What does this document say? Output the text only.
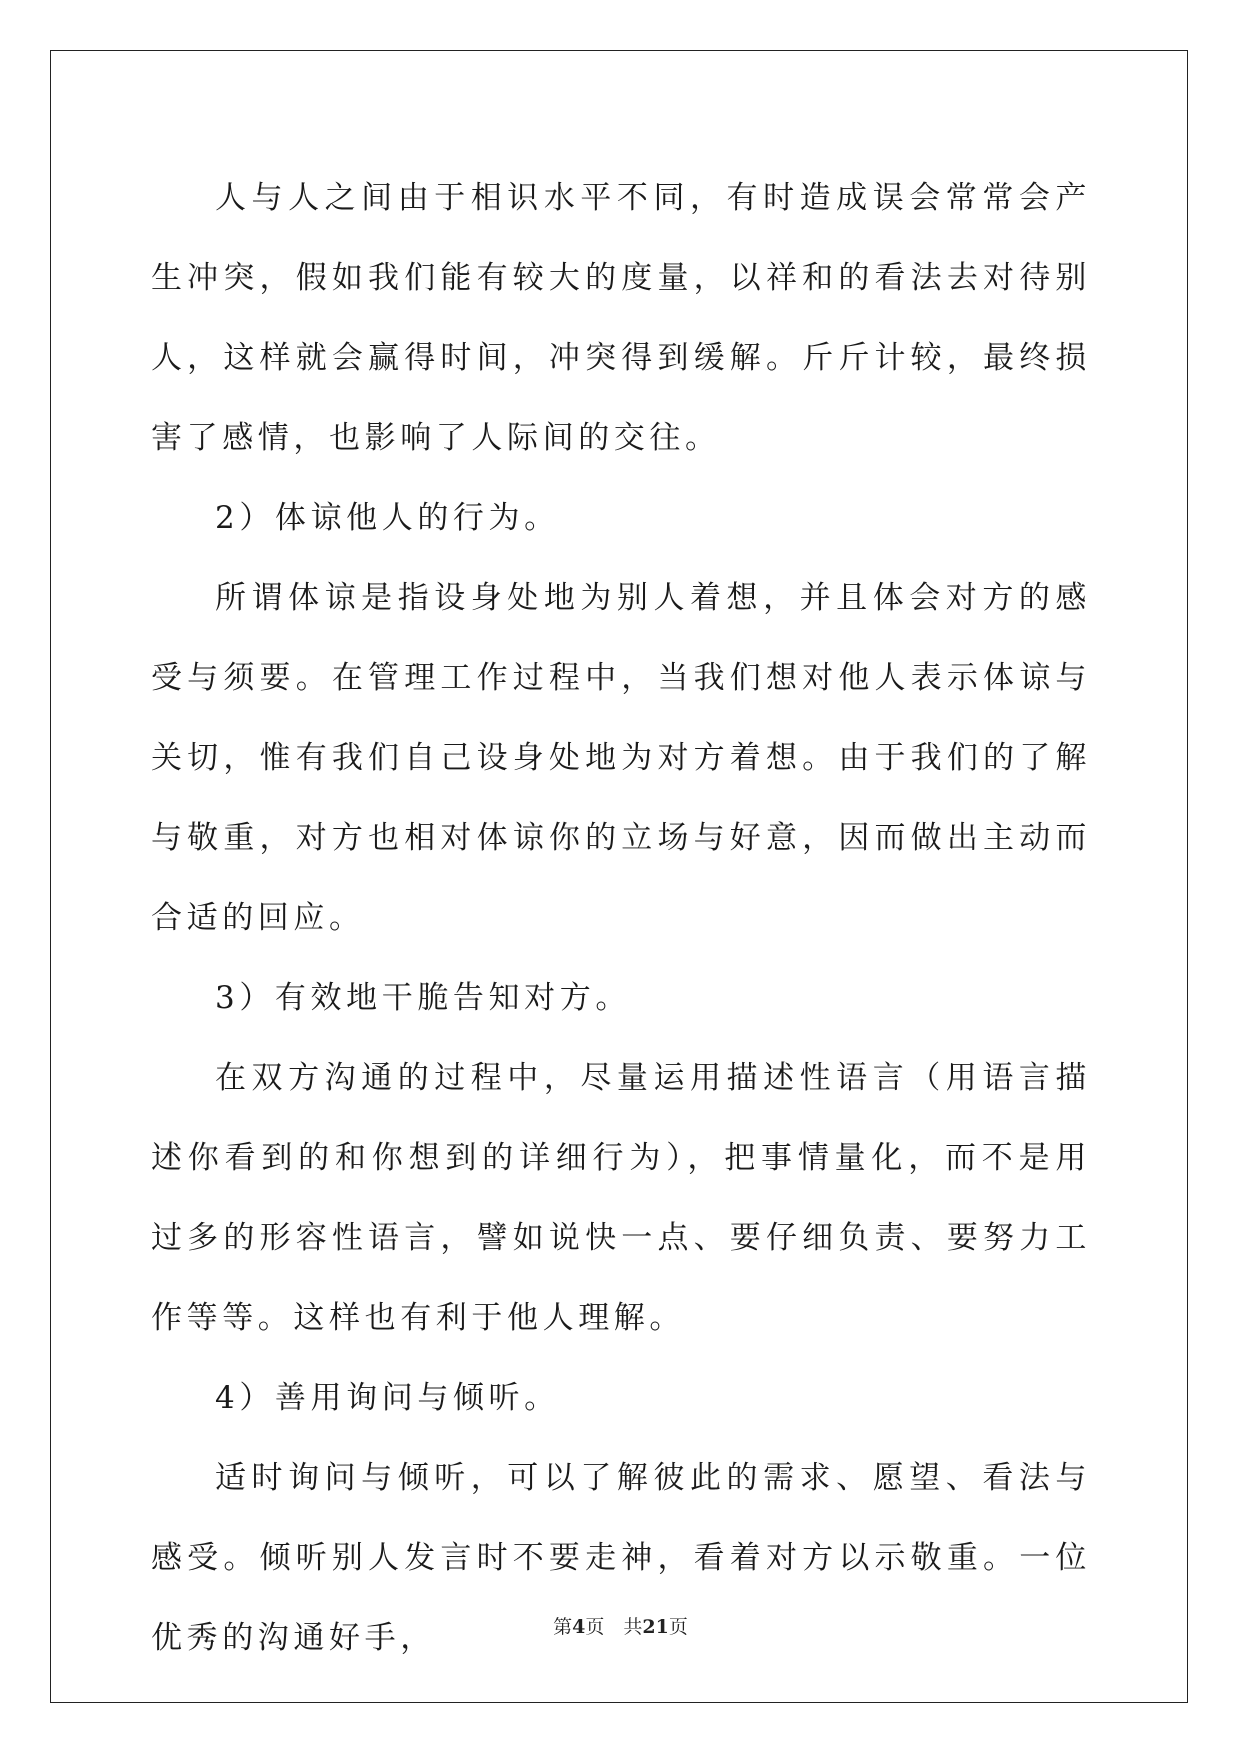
人与人之间由于相识水平不同，有时造成误会常常会产生冲突，假如我们能有较大的度量，以祥和的看法去对待别人，这样就会赢得时间，冲突得到缓解。斤斤计较，最终损害了感情，也影响了人际间的交往。

2）体谅他人的行为。

所谓体谅是指设身处地为别人着想，并且体会对方的感受与须要。在管理工作过程中，当我们想对他人表示体谅与关切，惟有我们自己设身处地为对方着想。由于我们的了解与敬重，对方也相对体谅你的立场与好意，因而做出主动而合适的回应。

3）有效地干脆告知对方。

在双方沟通的过程中，尽量运用描述性语言（用语言描述你看到的和你想到的详细行为），把事情量化，而不是用过多的形容性语言，譬如说快一点、要仔细负责、要努力工作等等。这样也有利于他人理解。

4）善用询问与倾听。

适时询问与倾听，可以了解彼此的需求、愿望、看法与感受。倾听别人发言时不要走神，看着对方以示敬重。一位优秀的沟通好手，	第4页　共21页
